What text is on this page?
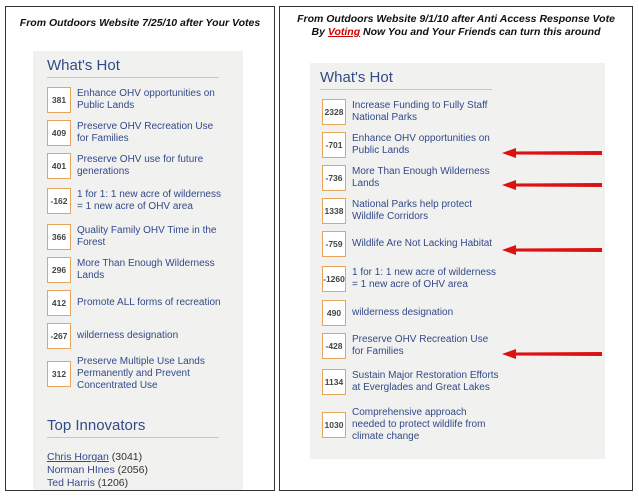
From Outdoors Website 7/25/10 after Your Votes
What's Hot
381
Enhance OHV opportunities on Public Lands
409
Preserve OHV Recreation Use for Families
401
Preserve OHV use for future generations
-162
1 for 1: 1 new acre of wilderness = 1 new acre of OHV area
366
Quality Family OHV Time in the Forest
296
More Than Enough Wilderness Lands
412	Promote ALL forms of recreation
-267 wilderness designation
312
Preserve Multiple Use Lands Permanently and Prevent Concentrated Use
Top Innovators
Chris Horgan (3041)
Norman HInes (2056)
Ted Harris (1206)
From Outdoors Website 9/1/10 after Anti Access Response Vote
By Voting Now You and Your Friends can turn this around
What's Hot
2328
Increase Funding to Fully Staff National Parks
-701
Enhance OHV opportunities on Public Lands
-736
More Than Enough Wilderness Lands
1338
National Parks help protect Wildlife Corridors
-759 Wildlife Are Not Lacking Habitat
-1260
1 for 1: 1 new acre of wilderness = 1 new acre of OHV area
490	wilderness designation
-428
Preserve OHV Recreation Use for Families
1134
Sustain Major Restoration Efforts at Everglades and Great Lakes
1030
Comprehensive approach needed to protect wildlife from climate change
